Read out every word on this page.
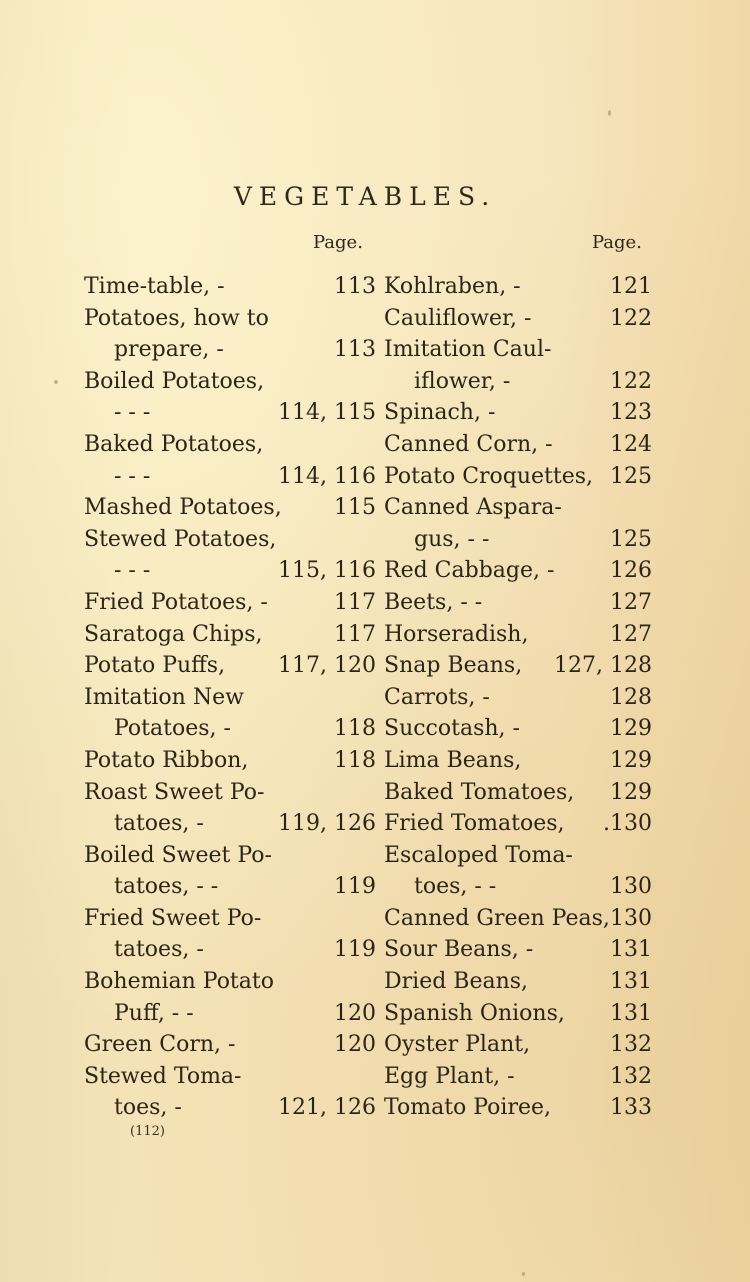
VEGETABLES.
Page.	Page.
Time-table, -	113
Potatoes, how to
prepare, -	113
Boiled Potatoes,
- - -	114, 115
Baked Potatoes,
- - -	114, 116
Mashed Potatoes, 115
Stewed Potatoes,
- - -	115, 116
Fried Potatoes, -	117
Saratoga Chips,	117
Potato Puffs, 117, 120
Imitation New
Potatoes, -	118
Potato Ribbon,	118
Roast Sweet Po-
tatoes, -	119, 126
Boiled Sweet Po-
tatoes, - -	119
Fried Sweet Po-
tatoes, -	119
Bohemian Potato
Puff, - -	120
Green Corn, -	120
Stewed Toma-
toes, -	121, 126
Kohlraben, -	121
Cauliflower, -	122
Imitation Caul-
iflower, -	122
Spinach, -	123
Canned Corn, -	124
Potato Croquettes, 125
Canned Aspara-
gus, - -	125
Red Cabbage, -	126
Beets, - -	127
Horseradish,	127
Snap Beans, 127, 128
Carrots, -	128
Succotash, -	129
Lima Beans,	129
Baked Tomatoes, 129
Fried Tomatoes, .130
Escaloped Toma-
toes, - -	130
Canned Green Peas, 130
Sour Beans, -	131
Dried Beans,	131
Spanish Onions, 131
Oyster Plant,	132
Egg Plant, -	132
Tomato Poiree,	133
(112)
